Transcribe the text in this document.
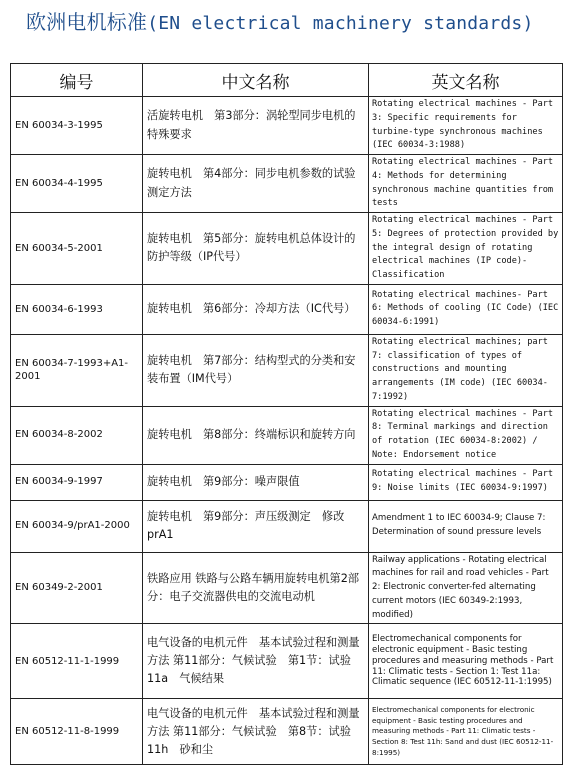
欧洲电机标准(EN electrical machinery standards)
编号	中文名称	英文名称
EN 60034-3-1995	活旋转电机　第3部分：涡轮型同步电机的特殊要求	Rotating electrical machines - Part 3: Specific requirements for turbine-type synchronous machines (IEC 60034-3:1988)
EN 60034-4-1995	旋转电机　第4部分：同步电机参数的试验测定方法	Rotating electrical machines - Part 4: Methods for determining synchronous machine quantities from tests
EN 60034-5-2001	旋转电机　第5部分：旋转电机总体设计的防护等级（IP代号）	Rotating electrical machines - Part 5: Degrees of protection provided by the integral design of rotating electrical machines (IP code)- Classification
EN 60034-6-1993	旋转电机　第6部分：冷却方法（IC代号）	Rotating electrical machines- Part 6: Methods of cooling (IC Code) (IEC 60034-6:1991)
EN 60034-7-1993+A1-2001	旋转电机　第7部分：结构型式的分类和安装布置（IM代号）	Rotating electrical machines; part 7: classification of types of constructions and mounting arrangements (IM code) (IEC 60034-7:1992)
EN 60034-8-2002	旋转电机　第8部分：终端标识和旋转方向	Rotating electrical machines - Part 8: Terminal markings and direction of rotation (IEC 60034-8:2002) / Note: Endorsement notice
EN 60034-9-1997	旋转电机　第9部分：噪声限值	Rotating electrical machines - Part 9: Noise limits (IEC 60034-9:1997)
EN 60034-9/prA1-2000	旋转电机　第9部分：声压级测定　修改prA1	Amendment 1 to IEC 60034-9; Clause 7: Determination of sound pressure levels
EN 60349-2-2001	铁路应用 铁路与公路车辆用旋转电机第2部分：电子交流器供电的交流电动机	Railway applications - Rotating electrical machines for rail and road vehicles - Part 2: Electronic converter-fed alternating current motors (IEC 60349-2:1993, modified)
EN 60512-11-1-1999	电气设备的电机元件　基本试验过程和测量方法 第11部分：气候试验　第1节：试验11a　气候结果	Electromechanical components for electronic equipment - Basic testing procedures and measuring methods - Part 11: Climatic tests - Section 1: Test 11a: Climatic sequence (IEC 60512-11-1:1995)
EN 60512-11-8-1999	电气设备的电机元件　基本试验过程和测量方法 第11部分：气候试验　第8节：试验11h　砂和尘	Electromechanical components for electronic equipment - Basic testing procedures and measuring methods - Part 11: Climatic tests - Section 8: Test 11h: Sand and dust (IEC 60512-11-8:1995)
